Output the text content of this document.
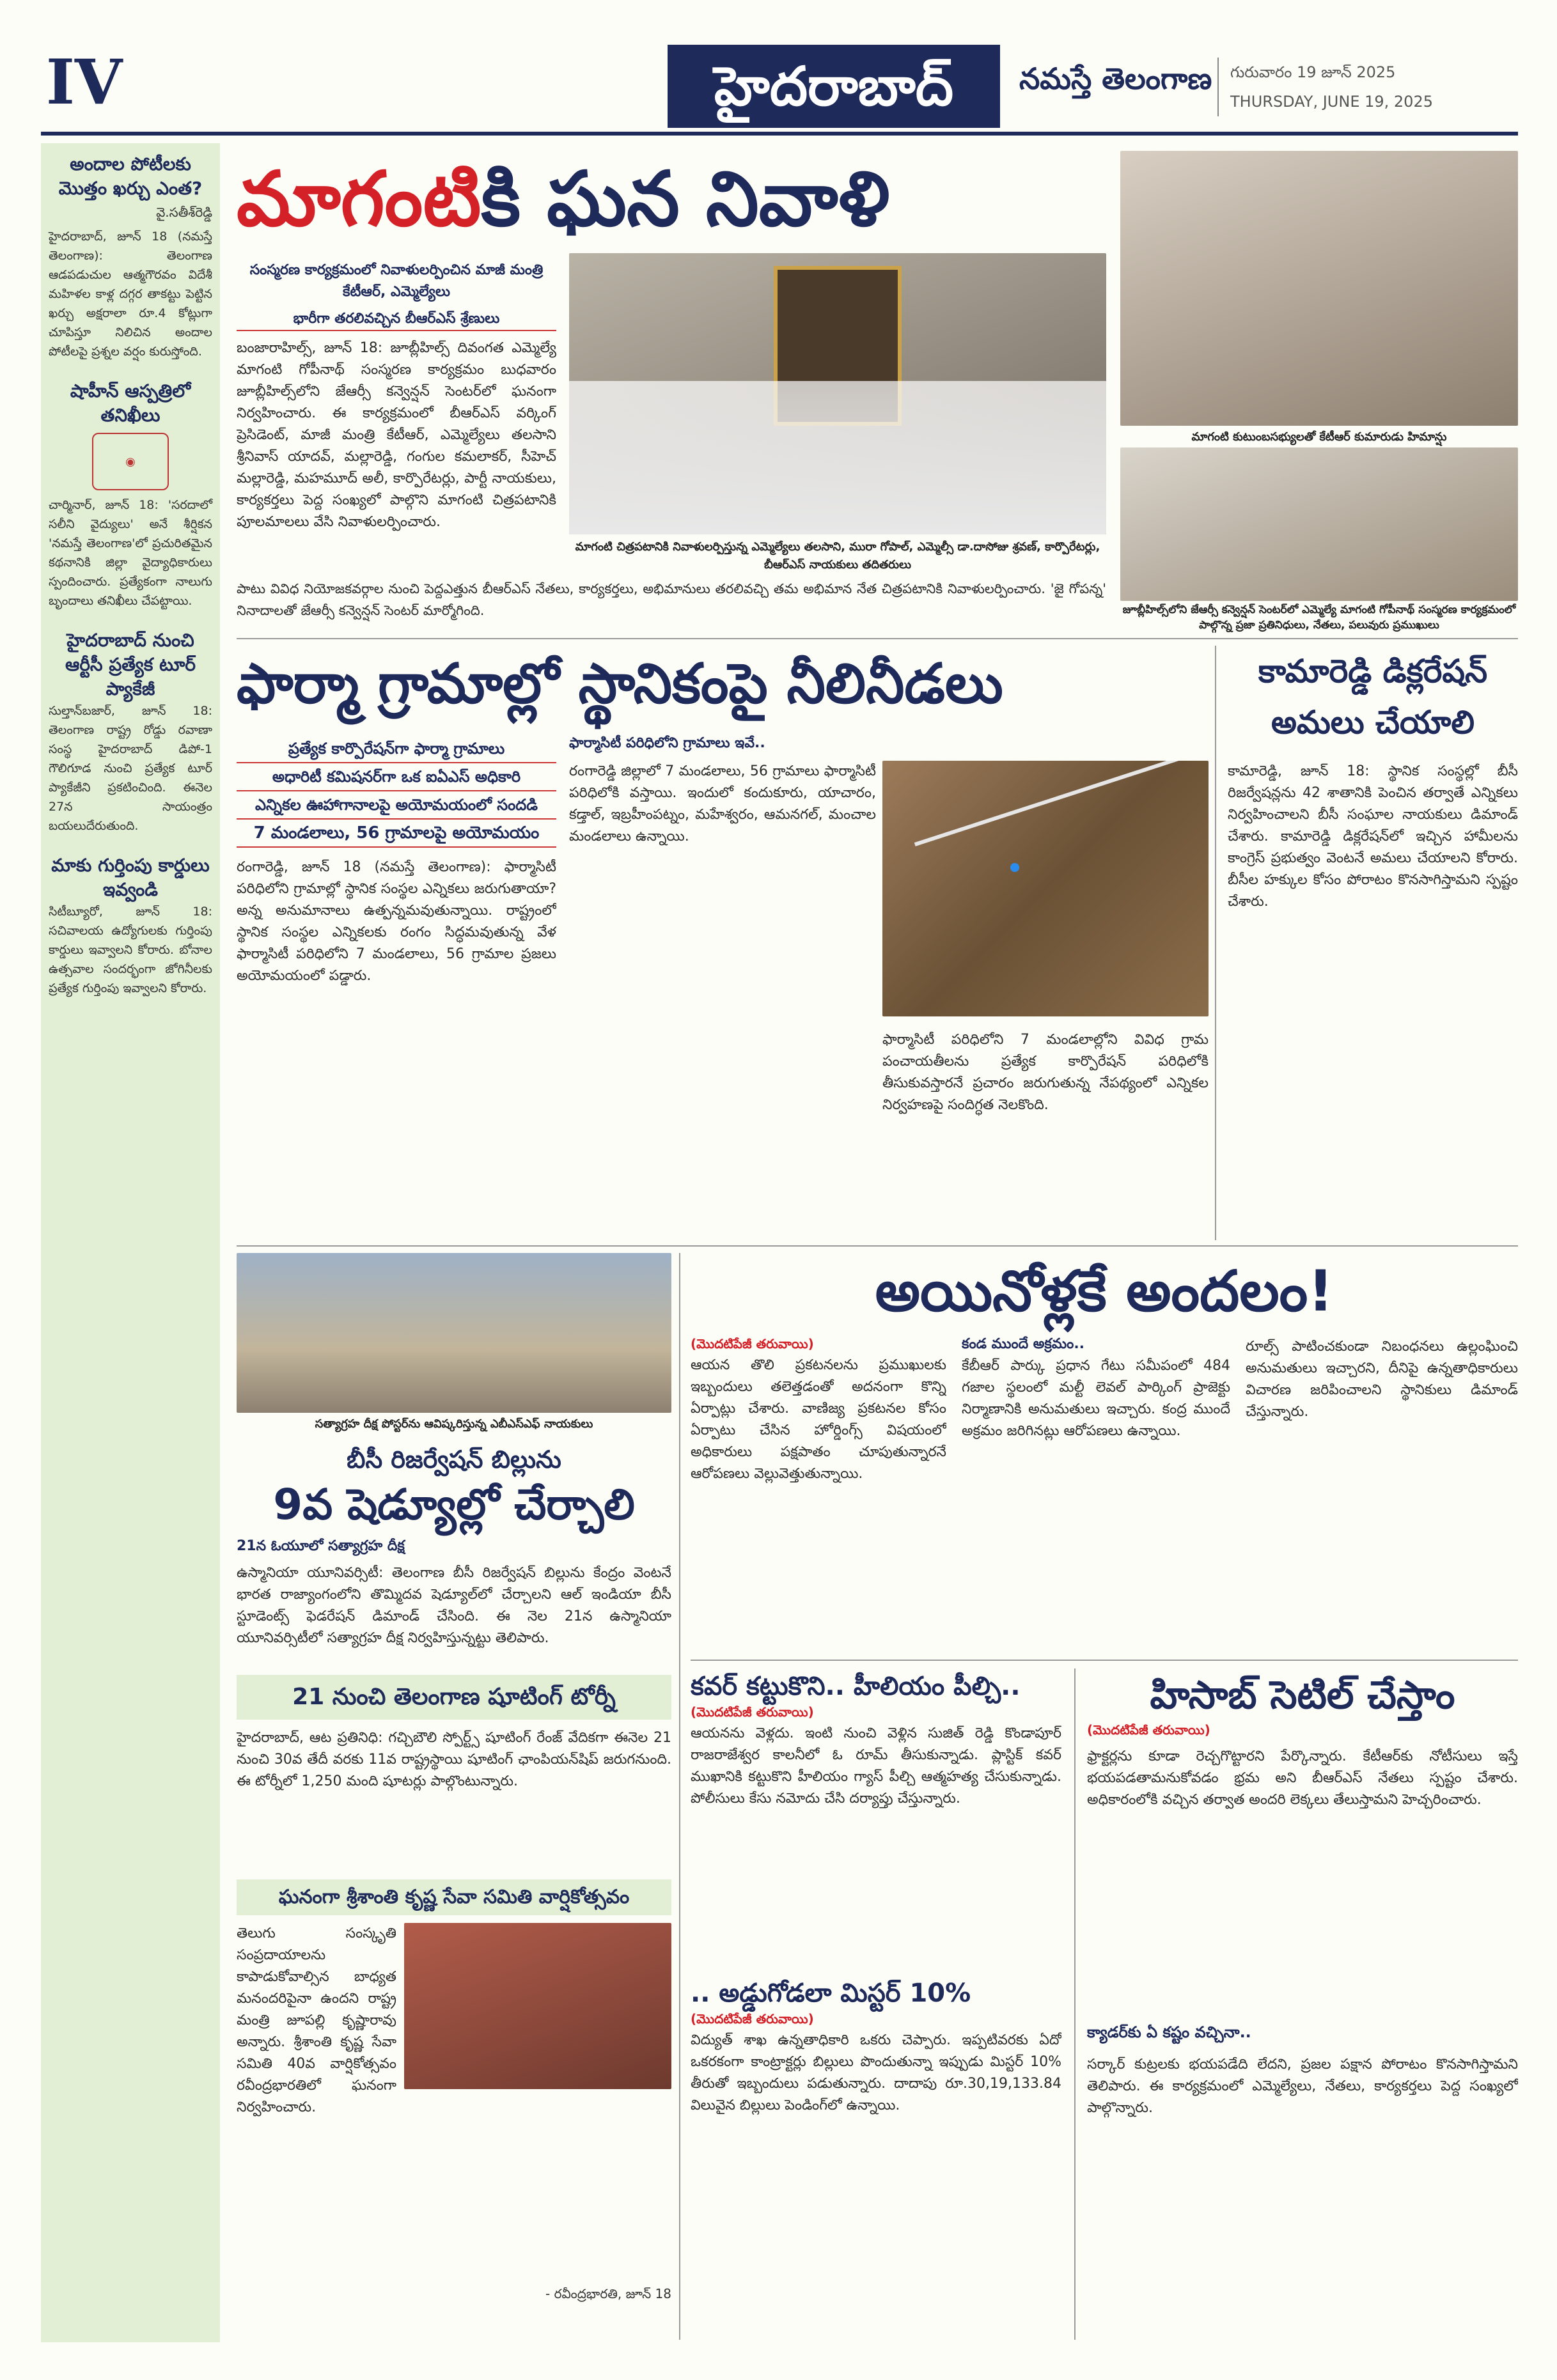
IV	హైదరాబాద్	నమస్తే తెలంగాణ గురువారం 19 జూన్ 2025
THURSDAY, JUNE 19, 2025
అందాల పోటీలకు మొత్తం ఖర్చు ఎంత?
వై.సతీశ్‌రెడ్డి
హైదరాబాద్, జూన్ 18 (నమస్తే తెలంగాణ): తెలంగాణ ఆడపడుచుల ఆత్మగౌరవం విదేశీ మహిళల కాళ్ల దగ్గర తాకట్టు పెట్టిన ఖర్చు అక్షరాలా రూ.4 కోట్లుగా చూపిస్తూ నిలిచిన అందాల పోటీలపై ప్రశ్నల వర్షం కురుస్తోంది.
షాహీన్ ఆస్పత్రిలో తనిఖీలు
◉
చార్మినార్, జూన్ 18: 'సరదాలో సలీని వైద్యులు' అనే శీర్షికన 'నమస్తే తెలంగాణ'లో ప్రచురితమైన కథనానికి జిల్లా వైద్యాధికారులు స్పందించారు. ప్రత్యేకంగా నాలుగు బృందాలు తనిఖీలు చేపట్టాయి.
హైదరాబాద్ నుంచి ఆర్టీసీ ప్రత్యేక టూర్ ప్యాకేజీ
సుల్తాన్‌బజార్, జూన్ 18: తెలంగాణ రాష్ట్ర రోడ్డు రవాణా సంస్థ హైదరాబాద్ డిపో-1 గౌలిగూడ నుంచి ప్రత్యేక టూర్ ప్యాకేజీని ప్రకటించింది. ఈనెల 27న సాయంత్రం బయలుదేరుతుంది.
మాకు గుర్తింపు కార్డులు ఇవ్వండి
సిటీబ్యూరో, జూన్ 18: సచివాలయ ఉద్యోగులకు గుర్తింపు కార్డులు ఇవ్వాలని కోరారు. బోనాల ఉత్సవాల సందర్భంగా జోగినీలకు ప్రత్యేక గుర్తింపు ఇవ్వాలని కోరారు.
మాగంటికి ఘన నివాళి
సంస్మరణ కార్యక్రమంలో నివాళులర్పించిన మాజీ మంత్రి కేటీఆర్, ఎమ్మెల్యేలు
భారీగా తరలివచ్చిన బీఆర్‌ఎస్ శ్రేణులు
బంజారాహిల్స్, జూన్ 18: జూబ్లీహిల్స్ దివంగత ఎమ్మెల్యే మాగంటి గోపీనాథ్ సంస్మరణ కార్యక్రమం బుధవారం జూబ్లీహిల్స్‌లోని జేఆర్సీ కన్వెన్షన్ సెంటర్‌లో ఘనంగా నిర్వహించారు. ఈ కార్యక్రమంలో బీఆర్‌ఎస్ వర్కింగ్ ప్రెసిడెంట్, మాజీ మంత్రి కేటీఆర్, ఎమ్మెల్యేలు తలసాని శ్రీనివాస్ యాదవ్, మల్లారెడ్డి, గంగుల కమలాకర్, సీహెచ్ మల్లారెడ్డి, మహమూద్ అలీ, కార్పొరేటర్లు, పార్టీ నాయకులు, కార్యకర్తలు పెద్ద సంఖ్యలో పాల్గొని మాగంటి చిత్రపటానికి పూలమాలలు వేసి నివాళులర్పించారు.
మాగంటి చిత్రపటానికి నివాళులర్పిస్తున్న ఎమ్మెల్యేలు తలసాని, మురా గోపాల్, ఎమ్మెల్సీ డా.దాసోజు శ్రవణ్, కార్పొరేటర్లు, బీఆర్‌ఎస్ నాయకులు తదితరులు
పాటు వివిధ నియోజకవర్గాల నుంచి పెద్దఎత్తున బీఆర్‌ఎస్ నేతలు, కార్యకర్తలు, అభిమానులు తరలివచ్చి తమ అభిమాన నేత చిత్రపటానికి నివాళులర్పించారు. 'జై గోపన్న' నినాదాలతో జేఆర్సీ కన్వెన్షన్ సెంటర్ మార్మోగింది.
మాగంటి కుటుంబసభ్యులతో కేటీఆర్ కుమారుడు హిమాన్షు
జూబ్లీహిల్స్‌లోని జేఆర్సీ కన్వెన్షన్ సెంటర్‌లో ఎమ్మెల్యే మాగంటి గోపీనాథ్ సంస్మరణ కార్యక్రమంలో పాల్గొన్న ప్రజా ప్రతినిధులు, నేతలు, పలువురు ప్రముఖులు
ఫార్మా గ్రామాల్లో స్థానికంపై నీలినీడలు
ప్రత్యేక కార్పొరేషన్‌గా ఫార్మా గ్రామాలు
అధారిటీ కమిషనర్‌గా ఒక ఐఏఎస్ అధికారి
ఎన్నికల ఊహాగానాలపై అయోమయంలో సందడి
7 మండలాలు, 56 గ్రామాలపై అయోమయం
రంగారెడ్డి, జూన్ 18 (నమస్తే తెలంగాణ): ఫార్మాసిటీ పరిధిలోని గ్రామాల్లో స్థానిక సంస్థల ఎన్నికలు జరుగుతాయా? అన్న అనుమానాలు ఉత్పన్నమవుతున్నాయి. రాష్ట్రంలో స్థానిక సంస్థల ఎన్నికలకు రంగం సిద్ధమవుతున్న వేళ ఫార్మాసిటీ పరిధిలోని 7 మండలాలు, 56 గ్రామాల ప్రజలు అయోమయంలో పడ్డారు.
ఫార్మాసిటీ పరిధిలోని గ్రామాలు ఇవే..
రంగారెడ్డి జిల్లాలో 7 మండలాలు, 56 గ్రామాలు ఫార్మాసిటీ పరిధిలోకి వస్తాయి. ఇందులో కందుకూరు, యాచారం, కడ్తాల్, ఇబ్రహీంపట్నం, మహేశ్వరం, ఆమనగల్, మంచాల మండలాలు ఉన్నాయి.
ఫార్మాసిటీ పరిధిలోని 7 మండలాల్లోని వివిధ గ్రామ పంచాయతీలను ప్రత్యేక కార్పొరేషన్ పరిధిలోకి తీసుకువస్తారనే ప్రచారం జరుగుతున్న నేపథ్యంలో ఎన్నికల నిర్వహణపై సందిగ్ధత నెలకొంది.
కామారెడ్డి డిక్లరేషన్ అమలు చేయాలి
కామారెడ్డి, జూన్ 18: స్థానిక సంస్థల్లో బీసీ రిజర్వేషన్లను 42 శాతానికి పెంచిన తర్వాతే ఎన్నికలు నిర్వహించాలని బీసీ సంఘాల నాయకులు డిమాండ్ చేశారు. కామారెడ్డి డిక్లరేషన్‌లో ఇచ్చిన హామీలను కాంగ్రెస్ ప్రభుత్వం వెంటనే అమలు చేయాలని కోరారు. బీసీల హక్కుల కోసం పోరాటం కొనసాగిస్తామని స్పష్టం చేశారు.
సత్యాగ్రహ దీక్ష పోస్టర్‌ను ఆవిష్కరిస్తున్న ఎబీఎస్‌ఎఫ్ నాయకులు
బీసీ రిజర్వేషన్ బిల్లును
9వ షెడ్యూల్లో చేర్చాలి
21న ఓయూలో సత్యాగ్రహ దీక్ష
ఉస్మానియా యూనివర్సిటీ: తెలంగాణ బీసీ రిజర్వేషన్ బిల్లును కేంద్రం వెంటనే భారత రాజ్యాంగంలోని తొమ్మిదవ షెడ్యూల్‌లో చేర్చాలని ఆల్ ఇండియా బీసీ స్టూడెంట్స్ ఫెడరేషన్ డిమాండ్ చేసింది. ఈ నెల 21న ఉస్మానియా యూనివర్సిటీలో సత్యాగ్రహ దీక్ష నిర్వహిస్తున్నట్టు తెలిపారు.
21 నుంచి తెలంగాణ షూటింగ్ టోర్నీ
హైదరాబాద్, ఆట ప్రతినిధి: గచ్చిబౌలి స్పోర్ట్స్ షూటింగ్ రేంజ్ వేదికగా ఈనెల 21 నుంచి 30వ తేదీ వరకు 11వ రాష్ట్రస్థాయి షూటింగ్ ఛాంపియన్‌షిప్ జరుగనుంది. ఈ టోర్నీలో 1,250 మంది షూటర్లు పాల్గొంటున్నారు.
ఘనంగా శ్రీశాంతి కృష్ణ సేవా సమితి వార్షికోత్సవం
తెలుగు సంస్కృతి సంప్రదాయాలను కాపాడుకోవాల్సిన బాధ్యత మనందరిపైనా ఉందని రాష్ట్ర మంత్రి జూపల్లి కృష్ణారావు అన్నారు. శ్రీశాంతి కృష్ణ సేవా సమితి 40వ వార్షికోత్సవం రవీంద్రభారతిలో ఘనంగా నిర్వహించారు.
- రవీంద్రభారతి, జూన్ 18
అయినోళ్లకే అందలం!
(మొదటిపేజీ తరువాయి)
ఆయన తొలి ప్రకటనలను ప్రముఖులకు ఇబ్బందులు తలెత్తడంతో అదనంగా కొన్ని ఏర్పాట్లు చేశారు. వాణిజ్య ప్రకటనల కోసం ఏర్పాటు చేసిన హోర్డింగ్స్ విషయంలో అధికారులు పక్షపాతం చూపుతున్నారనే ఆరోపణలు వెల్లువెత్తుతున్నాయి.
కండ ముందే అక్రమం..
కేబీఆర్ పార్కు ప్రధాన గేటు సమీపంలో 484 గజాల స్థలంలో మల్టీ లెవల్ పార్కింగ్ ప్రాజెక్టు నిర్మాణానికి అనుమతులు ఇచ్చారు. కంద్ర ముందే అక్రమం జరిగినట్లు ఆరోపణలు ఉన్నాయి.
రూల్స్ పాటించకుండా నిబంధనలు ఉల్లంఘించి అనుమతులు ఇచ్చారని, దీనిపై ఉన్నతాధికారులు విచారణ జరిపించాలని స్థానికులు డిమాండ్ చేస్తున్నారు.
కవర్ కట్టుకొని.. హీలియం పీల్చి..
(మొదటిపేజీ తరువాయి)
ఆయనను వెళ్లదు. ఇంటి నుంచి వెళ్లిన సుజిత్ రెడ్డి కొండాపూర్ రాజరాజేశ్వర కాలనీలో ఓ రూమ్ తీసుకున్నాడు. ప్లాస్టిక్ కవర్ ముఖానికి కట్టుకొని హీలియం గ్యాస్ పీల్చి ఆత్మహత్య చేసుకున్నాడు. పోలీసులు కేసు నమోదు చేసి దర్యాప్తు చేస్తున్నారు.
.. అడ్డుగోడలా మిస్టర్ 10%
(మొదటిపేజీ తరువాయి)
విద్యుత్ శాఖ ఉన్నతాధికారి ఒకరు చెప్పారు. ఇప్పటివరకు ఏదో ఒకరకంగా కాంట్రాక్టర్లు బిల్లులు పొందుతున్నా ఇప్పుడు మిస్టర్ 10% తీరుతో ఇబ్బందులు పడుతున్నారు. దాదాపు రూ.30,19,133.84 విలువైన బిల్లులు పెండింగ్‌లో ఉన్నాయి.
హిసాబ్ సెటిల్ చేస్తాం
(మొదటిపేజీ తరువాయి)
ఫ్రాక్టర్లను కూడా రెచ్చగొట్టారని పేర్కొన్నారు. కేటీఆర్‌కు నోటీసులు ఇస్తే భయపడతామనుకోవడం భ్రమ అని బీఆర్‌ఎస్ నేతలు స్పష్టం చేశారు. అధికారంలోకి వచ్చిన తర్వాత అందరి లెక్కలు తేలుస్తామని హెచ్చరించారు.
క్యాడర్‌కు ఏ కష్టం వచ్చినా..
సర్కార్ కుట్రలకు భయపడేది లేదని, ప్రజల పక్షాన పోరాటం కొనసాగిస్తామని తెలిపారు. ఈ కార్యక్రమంలో ఎమ్మెల్యేలు, నేతలు, కార్యకర్తలు పెద్ద సంఖ్యలో పాల్గొన్నారు.
